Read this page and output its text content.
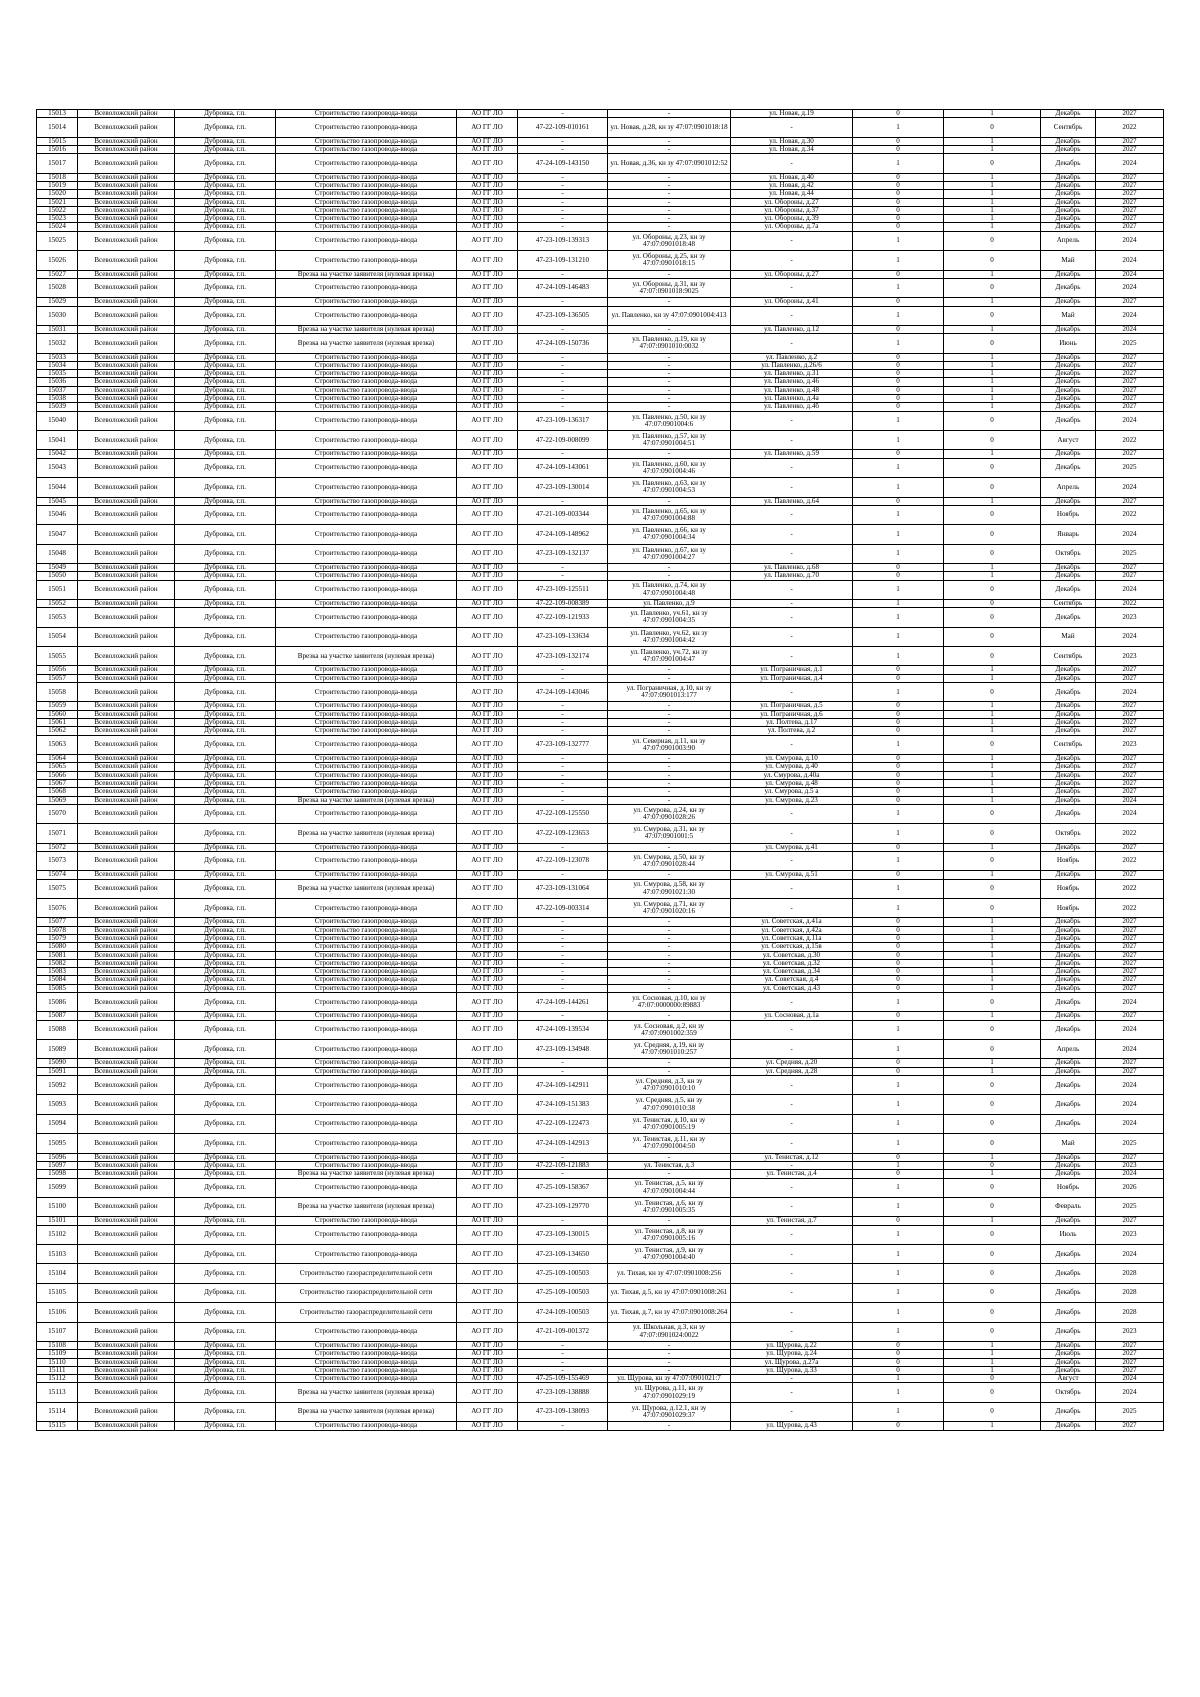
15013	Всеволожский район	Дубровка, г.п.	Строительство газопровода-ввода	АО ГГ ЛО	-	-	ул. Новая, д.19	0	1	Декабрь	2027
15014	Всеволожский район	Дубровка, г.п.	Строительство газопровода-ввода	АО ГГ ЛО	47-22-109-010161	ул. Новая, д.28, кн зу 47:07:0901018:18	-	1	0	Сентябрь	2022
15015	Всеволожский район	Дубровка, г.п.	Строительство газопровода-ввода	АО ГГ ЛО	-	-	ул. Новая, д.30	0	1	Декабрь	2027
15016	Всеволожский район	Дубровка, г.п.	Строительство газопровода-ввода	АО ГГ ЛО	-	-	ул. Новая, д.34	0	1	Декабрь	2027
15017	Всеволожский район	Дубровка, г.п.	Строительство газопровода-ввода	АО ГГ ЛО	47-24-109-143150	ул. Новая, д.36, кн зу 47:07:0901012:52	-	1	0	Декабрь	2024
15018	Всеволожский район	Дубровка, г.п.	Строительство газопровода-ввода	АО ГГ ЛО	-	-	ул. Новая, д.40	0	1	Декабрь	2027
15019	Всеволожский район	Дубровка, г.п.	Строительство газопровода-ввода	АО ГГ ЛО	-	-	ул. Новая, д.42	0	1	Декабрь	2027
15020	Всеволожский район	Дубровка, г.п.	Строительство газопровода-ввода	АО ГГ ЛО	-	-	ул. Новая, д.44	0	1	Декабрь	2027
15021	Всеволожский район	Дубровка, г.п.	Строительство газопровода-ввода	АО ГГ ЛО	-	-	ул. Обороны, д.27	0	1	Декабрь	2027
15022	Всеволожский район	Дубровка, г.п.	Строительство газопровода-ввода	АО ГГ ЛО	-	-	ул. Обороны, д.37	0	1	Декабрь	2027
15023	Всеволожский район	Дубровка, г.п.	Строительство газопровода-ввода	АО ГГ ЛО	-	-	ул. Обороны, д.39	0	1	Декабрь	2027
15024	Всеволожский район	Дубровка, г.п.	Строительство газопровода-ввода	АО ГГ ЛО	-	-	ул. Обороны, д.7а	0	1	Декабрь	2027
15025	Всеволожский район	Дубровка, г.п.	Строительство газопровода-ввода	АО ГГ ЛО	47-23-109-139313	ул. Обороны, д.23, кн зу 47:07:0901018:48	-	1	0	Апрель	2024
15026	Всеволожский район	Дубровка, г.п.	Строительство газопровода-ввода	АО ГГ ЛО	47-23-109-131210	ул. Обороны, д.25, кн зу 47:07:0901018:15	-	1	0	Май	2024
15027	Всеволожский район	Дубровка, г.п.	Врезка на участке заявителя (нулевая врезка)	АО ГГ ЛО	-	-	ул. Обороны, д.27	0	1	Декабрь	2024
15028	Всеволожский район	Дубровка, г.п.	Строительство газопровода-ввода	АО ГГ ЛО	47-24-109-146483	ул. Обороны, д.31, кн зу 47:07:0901018:9025	-	1	0	Декабрь	2024
15029	Всеволожский район	Дубровка, г.п.	Строительство газопровода-ввода	АО ГГ ЛО	-	-	ул. Обороны, д.41	0	1	Декабрь	2027
15030	Всеволожский район	Дубровка, г.п.	Строительство газопровода-ввода	АО ГГ ЛО	47-23-109-136505	ул. Павленко, кн зу 47:07:0901004:413	-	1	0	Май	2024
15031	Всеволожский район	Дубровка, г.п.	Врезка на участке заявителя (нулевая врезка)	АО ГГ ЛО	-	-	ул. Павленко, д.12	0	1	Декабрь	2024
15032	Всеволожский район	Дубровка, г.п.	Врезка на участке заявителя (нулевая врезка)	АО ГГ ЛО	47-24-109-150736	ул. Павленко, д.19, кн зу 47:07:0901010:0032	-	1	0	Июнь	2025
15033	Всеволожский район	Дубровка, г.п.	Строительство газопровода-ввода	АО ГГ ЛО	-	-	ул. Павленко, д.2	0	1	Декабрь	2027
15034	Всеволожский район	Дубровка, г.п.	Строительство газопровода-ввода	АО ГГ ЛО	-	-	ул. Павленко, д.26/6	0	1	Декабрь	2027
15035	Всеволожский район	Дубровка, г.п.	Строительство газопровода-ввода	АО ГГ ЛО	-	-	ул. Павленко, д.31	0	1	Декабрь	2027
15036	Всеволожский район	Дубровка, г.п.	Строительство газопровода-ввода	АО ГГ ЛО	-	-	ул. Павленко, д.46	0	1	Декабрь	2027
15037	Всеволожский район	Дубровка, г.п.	Строительство газопровода-ввода	АО ГГ ЛО	-	-	ул. Павленко, д.48	0	1	Декабрь	2027
15038	Всеволожский район	Дубровка, г.п.	Строительство газопровода-ввода	АО ГГ ЛО	-	-	ул. Павленко, д.4а	0	1	Декабрь	2027
15039	Всеволожский район	Дубровка, г.п.	Строительство газопровода-ввода	АО ГГ ЛО	-	-	ул. Павленко, д.4б	0	1	Декабрь	2027
15040	Всеволожский район	Дубровка, г.п.	Строительство газопровода-ввода	АО ГГ ЛО	47-23-109-136317	ул. Павленко, д.50, кн зу 47:07:0901004:6	-	1	0	Декабрь	2024
15041	Всеволожский район	Дубровка, г.п.	Строительство газопровода-ввода	АО ГГ ЛО	47-22-109-008099	ул. Павленко, д.57, кн зу 47:07:0901004:51	-	1	0	Август	2022
15042	Всеволожский район	Дубровка, г.п.	Строительство газопровода-ввода	АО ГГ ЛО	-	-	ул. Павленко, д.59	0	1	Декабрь	2027
15043	Всеволожский район	Дубровка, г.п.	Строительство газопровода-ввода	АО ГГ ЛО	47-24-109-143061	ул. Павленко, д.60, кн зу 47:07:0901004:46	-	1	0	Декабрь	2025
15044	Всеволожский район	Дубровка, г.п.	Строительство газопровода-ввода	АО ГГ ЛО	47-23-109-130014	ул. Павленко, д.63, кн зу 47:07:0901004:53	-	1	0	Апрель	2024
15045	Всеволожский район	Дубровка, г.п.	Строительство газопровода-ввода	АО ГГ ЛО	-	-	ул. Павленко, д.64	0	1	Декабрь	2027
15046	Всеволожский район	Дубровка, г.п.	Строительство газопровода-ввода	АО ГГ ЛО	47-21-109-003344	ул. Павленко, д.65, кн зу 47:07:0901004:88	-	1	0	Ноябрь	2022
15047	Всеволожский район	Дубровка, г.п.	Строительство газопровода-ввода	АО ГГ ЛО	47-24-109-148962	ул. Павленко, д.66, кн зу 47:07:0901004:34	-	1	0	Январь	2024
15048	Всеволожский район	Дубровка, г.п.	Строительство газопровода-ввода	АО ГГ ЛО	47-23-109-132137	ул. Павленко, д.67, кн зу 47:07:0901004:27	-	1	0	Октябрь	2025
15049	Всеволожский район	Дубровка, г.п.	Строительство газопровода-ввода	АО ГГ ЛО	-	-	ул. Павленко, д.68	0	1	Декабрь	2027
15050	Всеволожский район	Дубровка, г.п.	Строительство газопровода-ввода	АО ГГ ЛО	-	-	ул. Павленко, д.70	0	1	Декабрь	2027
15051	Всеволожский район	Дубровка, г.п.	Строительство газопровода-ввода	АО ГГ ЛО	47-23-109-125511	ул. Павленко, д.74, кн зу 47:07:0901004:48	-	1	0	Декабрь	2024
15052	Всеволожский район	Дубровка, г.п.	Строительство газопровода-ввода	АО ГГ ЛО	47-22-109-008389	ул. Павленко, д.9	-	1	0	Сентябрь	2022
15053	Всеволожский район	Дубровка, г.п.	Строительство газопровода-ввода	АО ГГ ЛО	47-22-109-121933	ул. Павленко, уч.61, кн зу 47:07:0901004:35	-	1	0	Декабрь	2023
15054	Всеволожский район	Дубровка, г.п.	Строительство газопровода-ввода	АО ГГ ЛО	47-23-109-133634	ул. Павленко, уч.62, кн зу 47:07:0901004:42	-	1	0	Май	2024
15055	Всеволожский район	Дубровка, г.п.	Врезка на участке заявителя (нулевая врезка)	АО ГГ ЛО	47-23-109-132174	ул. Павленко, уч.72, кн зу 47:07:0901004:47	-	1	0	Сентябрь	2023
15056	Всеволожский район	Дубровка, г.п.	Строительство газопровода-ввода	АО ГГ ЛО	-	-	ул. Пограничная, д.1	0	1	Декабрь	2027
15057	Всеволожский район	Дубровка, г.п.	Строительство газопровода-ввода	АО ГГ ЛО	-	-	ул. Пограничная, д.4	0	1	Декабрь	2027
15058	Всеволожский район	Дубровка, г.п.	Строительство газопровода-ввода	АО ГГ ЛО	47-24-109-143046	ул. Пограничная, д.10, кн зу 47:07:0901013:177	-	1	0	Декабрь	2024
15059	Всеволожский район	Дубровка, г.п.	Строительство газопровода-ввода	АО ГГ ЛО	-	-	ул. Пограничная, д.5	0	1	Декабрь	2027
15060	Всеволожский район	Дубровка, г.п.	Строительство газопровода-ввода	АО ГГ ЛО	-	-	ул. Пограничная, д.6	0	1	Декабрь	2027
15061	Всеволожский район	Дубровка, г.п.	Строительство газопровода-ввода	АО ГГ ЛО	-	-	ул. Полтева, д.17	0	1	Декабрь	2027
15062	Всеволожский район	Дубровка, г.п.	Строительство газопровода-ввода	АО ГГ ЛО	-	-	ул. Полтева, д.2	0	1	Декабрь	2027
15063	Всеволожский район	Дубровка, г.п.	Строительство газопровода-ввода	АО ГГ ЛО	47-23-109-132777	ул. Северная, д.11, кн зу 47:07:0901003:90	-	1	0	Сентябрь	2023
15064	Всеволожский район	Дубровка, г.п.	Строительство газопровода-ввода	АО ГГ ЛО	-	-	ул. Смурова, д.10	0	1	Декабрь	2027
15065	Всеволожский район	Дубровка, г.п.	Строительство газопровода-ввода	АО ГГ ЛО	-	-	ул. Смурова, д.40	0	1	Декабрь	2027
15066	Всеволожский район	Дубровка, г.п.	Строительство газопровода-ввода	АО ГГ ЛО	-	-	ул. Смурова, д.40а	0	1	Декабрь	2027
15067	Всеволожский район	Дубровка, г.п.	Строительство газопровода-ввода	АО ГГ ЛО	-	-	ул. Смурова, д.48	0	1	Декабрь	2027
15068	Всеволожский район	Дубровка, г.п.	Строительство газопровода-ввода	АО ГГ ЛО	-	-	ул. Смурова, д.5 а	0	1	Декабрь	2027
15069	Всеволожский район	Дубровка, г.п.	Врезка на участке заявителя (нулевая врезка)	АО ГГ ЛО	-	-	ул. Смурова, д.23	0	1	Декабрь	2024
15070	Всеволожский район	Дубровка, г.п.	Строительство газопровода-ввода	АО ГГ ЛО	47-22-109-125550	ул. Смурова, д.24, кн зу 47:07:0901028:26	-	1	0	Декабрь	2024
15071	Всеволожский район	Дубровка, г.п.	Врезка на участке заявителя (нулевая врезка)	АО ГГ ЛО	47-22-109-123653	ул. Смурова, д.31, кн зу 47:07:0901001:5	-	1	0	Октябрь	2022
15072	Всеволожский район	Дубровка, г.п.	Строительство газопровода-ввода	АО ГГ ЛО	-	-	ул. Смурова, д.41	0	1	Декабрь	2027
15073	Всеволожский район	Дубровка, г.п.	Строительство газопровода-ввода	АО ГГ ЛО	47-22-109-123078	ул. Смурова, д.50, кн зу 47:07:0901028:44	-	1	0	Ноябрь	2022
15074	Всеволожский район	Дубровка, г.п.	Строительство газопровода-ввода	АО ГГ ЛО	-	-	ул. Смурова, д.51	0	1	Декабрь	2027
15075	Всеволожский район	Дубровка, г.п.	Врезка на участке заявителя (нулевая врезка)	АО ГГ ЛО	47-23-109-131064	ул. Смурова, д.58, кн зу 47:07:0901021:30	-	1	0	Ноябрь	2022
15076	Всеволожский район	Дубровка, г.п.	Строительство газопровода-ввода	АО ГГ ЛО	47-22-109-003314	ул. Смурова, д.71, кн зу 47:07:0901020:16	-	1	0	Ноябрь	2022
15077	Всеволожский район	Дубровка, г.п.	Строительство газопровода-ввода	АО ГГ ЛО	-	-	ул. Советская, д.41а	0	1	Декабрь	2027
15078	Всеволожский район	Дубровка, г.п.	Строительство газопровода-ввода	АО ГГ ЛО	-	-	ул. Советская, д.42а	0	1	Декабрь	2027
15079	Всеволожский район	Дубровка, г.п.	Строительство газопровода-ввода	АО ГГ ЛО	-	-	ул. Советская, д.11а	0	1	Декабрь	2027
15080	Всеволожский район	Дубровка, г.п.	Строительство газопровода-ввода	АО ГГ ЛО	-	-	ул. Советская, д.15в	0	1	Декабрь	2027
15081	Всеволожский район	Дубровка, г.п.	Строительство газопровода-ввода	АО ГГ ЛО	-	-	ул. Советская, д.30	0	1	Декабрь	2027
15082	Всеволожский район	Дубровка, г.п.	Строительство газопровода-ввода	АО ГГ ЛО	-	-	ул. Советская, д.32	0	1	Декабрь	2027
15083	Всеволожский район	Дубровка, г.п.	Строительство газопровода-ввода	АО ГГ ЛО	-	-	ул. Советская, д.34	0	1	Декабрь	2027
15084	Всеволожский район	Дубровка, г.п.	Строительство газопровода-ввода	АО ГГ ЛО	-	-	ул. Советская, д.4	0	1	Декабрь	2027
15085	Всеволожский район	Дубровка, г.п.	Строительство газопровода-ввода	АО ГГ ЛО	-	-	ул. Советская, д.43	0	1	Декабрь	2027
15086	Всеволожский район	Дубровка, г.п.	Строительство газопровода-ввода	АО ГГ ЛО	47-24-109-144261	ул. Сосновая, д.10, кн зу 47:07:0000000:89883	-	1	0	Декабрь	2024
15087	Всеволожский район	Дубровка, г.п.	Строительство газопровода-ввода	АО ГГ ЛО	-	-	ул. Сосновая, д.1а	0	1	Декабрь	2027
15088	Всеволожский район	Дубровка, г.п.	Строительство газопровода-ввода	АО ГГ ЛО	47-24-109-139534	ул. Сосновая, д.2, кн зу 47:07:0901002:359	-	1	0	Декабрь	2024
15089	Всеволожский район	Дубровка, г.п.	Строительство газопровода-ввода	АО ГГ ЛО	47-23-109-134948	ул. Средняя, д.19, кн зу 47:07:0901010:257	-	1	0	Апрель	2024
15090	Всеволожский район	Дубровка, г.п.	Строительство газопровода-ввода	АО ГГ ЛО	-	-	ул. Средняя, д.20	0	1	Декабрь	2027
15091	Всеволожский район	Дубровка, г.п.	Строительство газопровода-ввода	АО ГГ ЛО	-	-	ул. Средняя, д.28	0	1	Декабрь	2027
15092	Всеволожский район	Дубровка, г.п.	Строительство газопровода-ввода	АО ГГ ЛО	47-24-109-142911	ул. Средняя, д.3, кн зу 47:07:0901010:10	-	1	0	Декабрь	2024
15093	Всеволожский район	Дубровка, г.п.	Строительство газопровода-ввода	АО ГГ ЛО	47-24-109-151383	ул. Средняя, д.5, кн зу 47:07:0901010:38	-	1	0	Декабрь	2024
15094	Всеволожский район	Дубровка, г.п.	Строительство газопровода-ввода	АО ГГ ЛО	47-22-109-122473	ул. Тенистая, д.10, кн зу 47:07:0901005:19	-	1	0	Декабрь	2024
15095	Всеволожский район	Дубровка, г.п.	Строительство газопровода-ввода	АО ГГ ЛО	47-24-109-142913	ул. Тенистая, д.11, кн зу 47:07:0901004:50	-	1	0	Май	2025
15096	Всеволожский район	Дубровка, г.п.	Строительство газопровода-ввода	АО ГГ ЛО	-	-	ул. Тенистая, д.12	0	1	Декабрь	2027
15097	Всеволожский район	Дубровка, г.п.	Строительство газопровода-ввода	АО ГГ ЛО	47-22-109-121883	ул. Тенистая, д.3	-	1	0	Декабрь	2023
15098	Всеволожский район	Дубровка, г.п.	Врезка на участке заявителя (нулевая врезка)	АО ГГ ЛО	-	-	ул. Тенистая, д.4	0	1	Декабрь	2024
15099	Всеволожский район	Дубровка, г.п.	Строительство газопровода-ввода	АО ГГ ЛО	47-25-109-158367	ул. Тенистая, д.5, кн зу 47:07:0901004:44	-	1	0	Ноябрь	2026
15100	Всеволожский район	Дубровка, г.п.	Врезка на участке заявителя (нулевая врезка)	АО ГГ ЛО	47-23-109-129770	ул. Тенистая, д.6, кн зу 47:07:0901005:35	-	1	0	Февраль	2025
15101	Всеволожский район	Дубровка, г.п.	Строительство газопровода-ввода	АО ГГ ЛО	-	-	ул. Тенистая, д.7	0	1	Декабрь	2027
15102	Всеволожский район	Дубровка, г.п.	Строительство газопровода-ввода	АО ГГ ЛО	47-23-109-130015	ул. Тенистая, д.8, кн зу 47:07:0901005:16	-	1	0	Июль	2023
15103	Всеволожский район	Дубровка, г.п.	Строительство газопровода-ввода	АО ГГ ЛО	47-23-109-134650	ул. Тенистая, д.9, кн зу 47:07:0901004:40	-	1	0	Декабрь	2024
15104	Всеволожский район	Дубровка, г.п.	Строительство газораспределительной сети	АО ГГ ЛО	47-25-109-100503	ул. Тихая, кн зу 47:07:0901008:256	-	1	0	Декабрь	2028
15105	Всеволожский район	Дубровка, г.п.	Строительство газораспределительной сети	АО ГГ ЛО	47-25-109-100503	ул. Тихая, д.5, кн зу 47:07:0901008:261	-	1	0	Декабрь	2028
15106	Всеволожский район	Дубровка, г.п.	Строительство газораспределительной сети	АО ГГ ЛО	47-24-109-100503	ул. Тихая, д.7, кн зу 47:07:0901008:264	-	1	0	Декабрь	2028
15107	Всеволожский район	Дубровка, г.п.	Строительство газопровода-ввода	АО ГГ ЛО	47-21-109-001372	ул. Школьная, д.3, кн зу 47:07:0901024:0022	-	1	0	Декабрь	2023
15108	Всеволожский район	Дубровка, г.п.	Строительство газопровода-ввода	АО ГГ ЛО	-	-	ул. Щурова, д.22	0	1	Декабрь	2027
15109	Всеволожский район	Дубровка, г.п.	Строительство газопровода-ввода	АО ГГ ЛО	-	-	ул. Щурова, д.24	0	1	Декабрь	2027
15110	Всеволожский район	Дубровка, г.п.	Строительство газопровода-ввода	АО ГГ ЛО	-	-	ул. Щурова, д.27а	0	1	Декабрь	2027
15111	Всеволожский район	Дубровка, г.п.	Строительство газопровода-ввода	АО ГГ ЛО	-	-	ул. Щурова, д.33	0	1	Декабрь	2027
15112	Всеволожский район	Дубровка, г.п.	Строительство газопровода-ввода	АО ГГ ЛО	47-25-109-155469	ул. Щурова, кн зу 47:07:0901021:7	-	1	0	Август	2024
15113	Всеволожский район	Дубровка, г.п.	Врезка на участке заявителя (нулевая врезка)	АО ГГ ЛО	47-23-109-138888	ул. Щурова, д.11, кн зу 47:07:0901029:19	-	1	0	Октябрь	2024
15114	Всеволожский район	Дубровка, г.п.	Врезка на участке заявителя (нулевая врезка)	АО ГГ ЛО	47-23-109-138093	ул. Щурова, д.12.1, кн зу 47:07:0901029:37	-	1	0	Декабрь	2025
15115	Всеволожский район	Дубровка, г.п.	Строительство газопровода-ввода	АО ГГ ЛО	-	-	ул. Щурова, д.43	0	1	Декабрь	2027
